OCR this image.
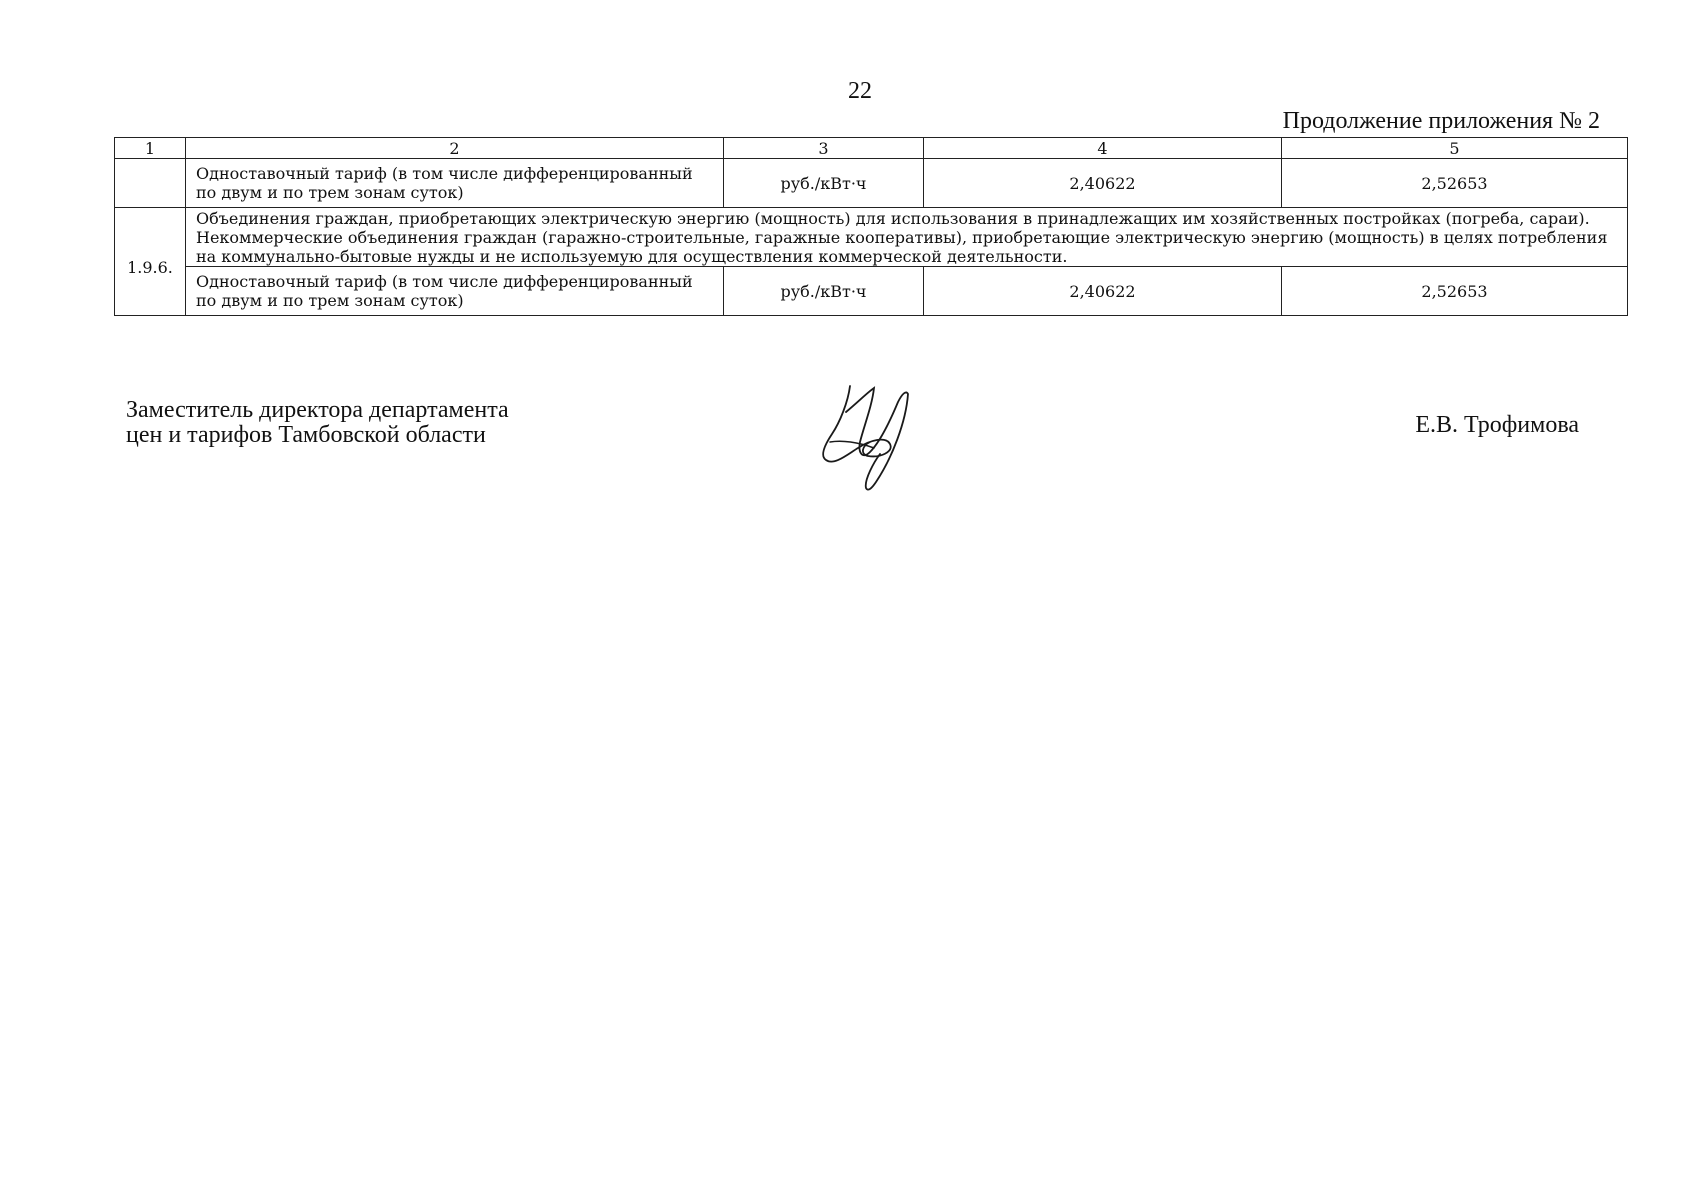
22
Продолжение приложения № 2
1	2	3	4	5

	Одноставочный тариф (в том числе дифференцированный
по двум и по трем зонам суток)	руб./кВт·ч	2,40622	2,52653
1.9.6.	Объединения граждан, приобретающих электрическую энергию (мощность) для использования в принадлежащих им хозяйственных постройках (погреба, сараи).
Некоммерческие объединения граждан (гаражно-строительные, гаражные кооперативы), приобретающие электрическую энергию (мощность) в целях потребления
на коммунально-бытовые нужды и не используемую для осуществления коммерческой деятельности.			

	Одноставочный тариф (в том числе дифференцированный
по двум и по трем зонам суток)	руб./кВт·ч	2,40622	2,52653
Заместитель директора департамента
цен и тарифов Тамбовской области	Е.В. Трофимова
